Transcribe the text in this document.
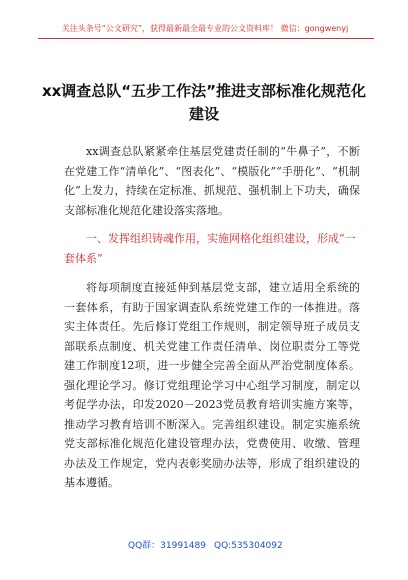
关注头条号“公文研究”，获得最新最全最专业的公文资料库！ 微信：gongwenyj
xx调查总队“五步工作法”推进支部标准化规范化建设
xx调查总队紧紧牵住基层党建责任制的“牛鼻子”，不断在党建工作“清单化”、“图表化”、“模版化”“手册化”、“机制化”上发力，持续在定标准、抓规范、强机制上下功夫，确保支部标准化规范化建设落实落地。
一、发挥组织铸魂作用，实施网格化组织建设，形成“一套体系”
将每项制度直接延伸到基层党支部，建立适用全系统的一套体系，有助于国家调查队系统党建工作的一体推进。落实主体责任。先后修订党组工作规则，制定领导班子成员支部联系点制度、机关党建工作责任清单、岗位职责分工等党建工作制度12项，进一步健全完善全面从严治党制度体系。强化理论学习。修订党组理论学习中心组学习制度，制定以考促学办法，印发2020－2023党员教育培训实施方案等，推动学习教育培训不断深入。完善组织建设。制定实施系统党支部标准化规范化建设管理办法，党费使用、收缴、管理办法及工作规定，党内表彰奖励办法等，形成了组织建设的基本遵循。
QQ群：31991489 QQ:535304092
